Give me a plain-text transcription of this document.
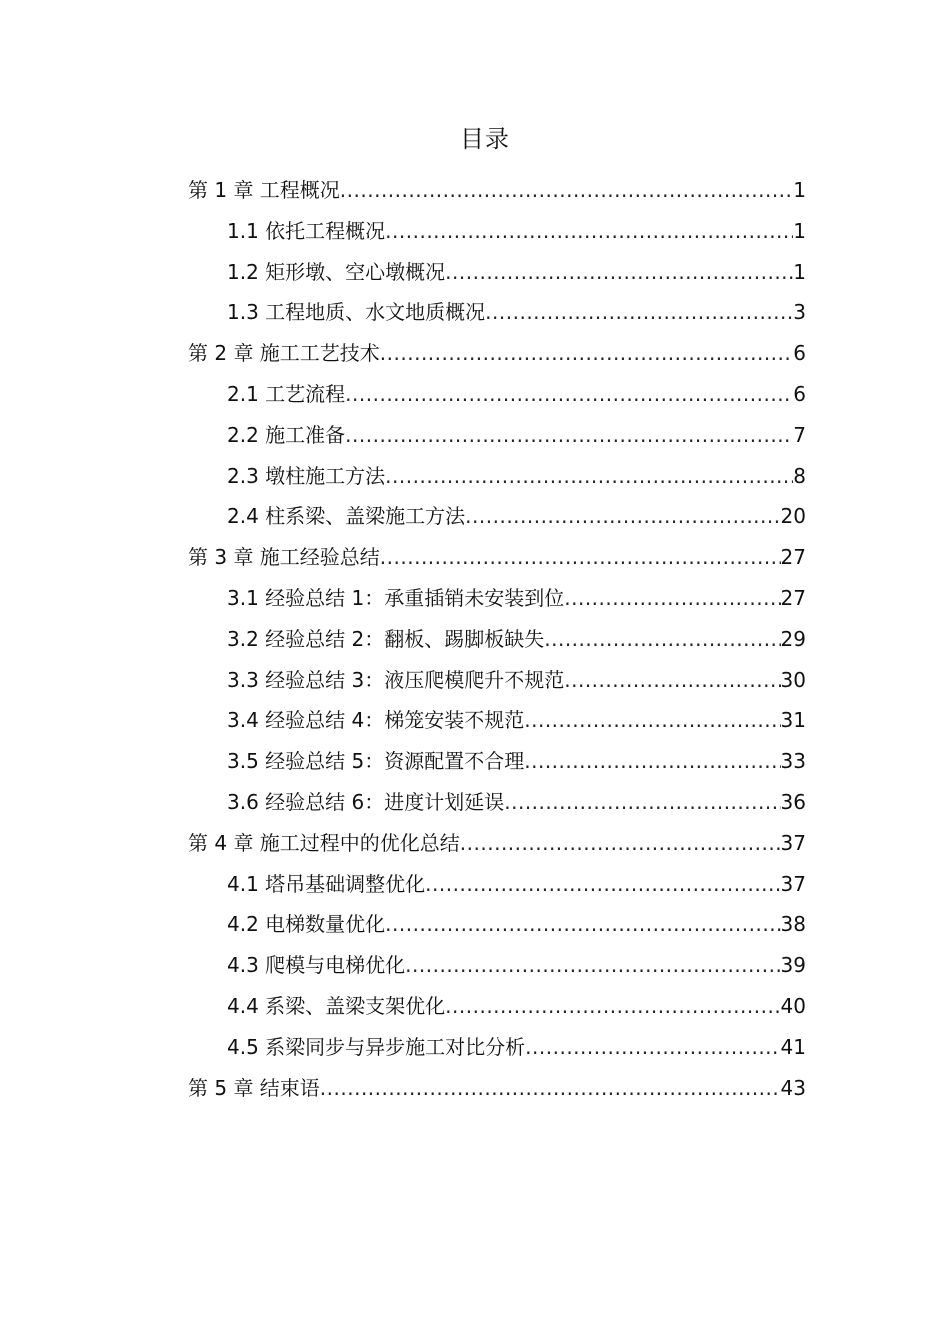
目录
第 1 章 工程概况 .....	1
1.1 依托工程概况 .....	1
1.2 矩形墩、空心墩概况 .....	1
1.3 工程地质、水文地质概况 .....	3
第 2 章 施工工艺技术 .....	6
2.1 工艺流程 .....	6
2.2 施工准备 .....	7
2.3 墩柱施工方法 .....	8
2.4 柱系梁、盖梁施工方法 .....	20
第 3 章 施工经验总结 .....	27
3.1 经验总结 1：承重插销未安装到位 .....	27
3.2 经验总结 2：翻板、踢脚板缺失 .....	29
3.3 经验总结 3：液压爬模爬升不规范 .....	30
3.4 经验总结 4：梯笼安装不规范 .....	31
3.5 经验总结 5：资源配置不合理 .....	33
3.6 经验总结 6：进度计划延误 .....	36
第 4 章 施工过程中的优化总结 .....	37
4.1 塔吊基础调整优化 .....	37
4.2 电梯数量优化 .....	38
4.3 爬模与电梯优化 .....	39
4.4 系梁、盖梁支架优化 .....	40
4.5 系梁同步与异步施工对比分析 .....	41
第 5 章 结束语 .....	43
